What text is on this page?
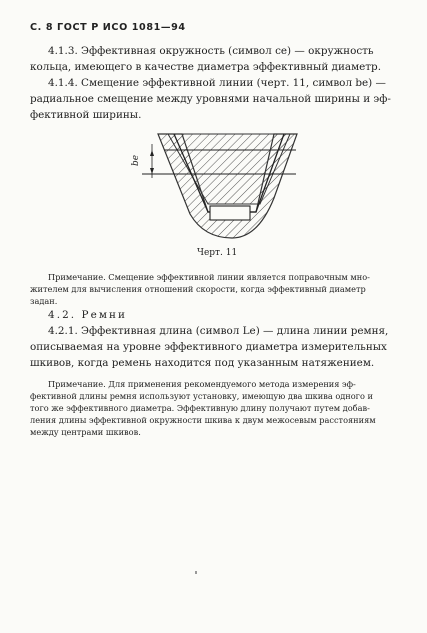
С. 8 ГОСТ Р ИСО 1081—94
4.1.3. Эффективная окружность (символ ce) — окружность
кольца, имеющего в качестве диаметра эффективный диаметр.
4.1.4. Смещение эффективной линии (черт. 11, символ be) —
радиальное смещение между уровнями начальной ширины и эф-
фективной ширины.
be
Черт. 11
Примечание. Смещение эффективной линии является поправочным мно-
жителем для вычисления отношений скорости, когда эффективный диаметр
задан.
4.2. Ремни
4.2.1. Эффективная длина (символ Le) — длина линии ремня,
описываемая на уровне эффективного диаметра измерительных
шкивов, когда ремень находится под указанным натяжением.
Примечание. Для применения рекомендуемого метода измерения эф-
фективной длины ремня используют установку, имеющую два шкива одного и
того же эффективного диаметра. Эффективную длину получают путем добав-
ления длины эффективной окружности шкива к двум межосевым расстояниям
между центрами шкивов.
